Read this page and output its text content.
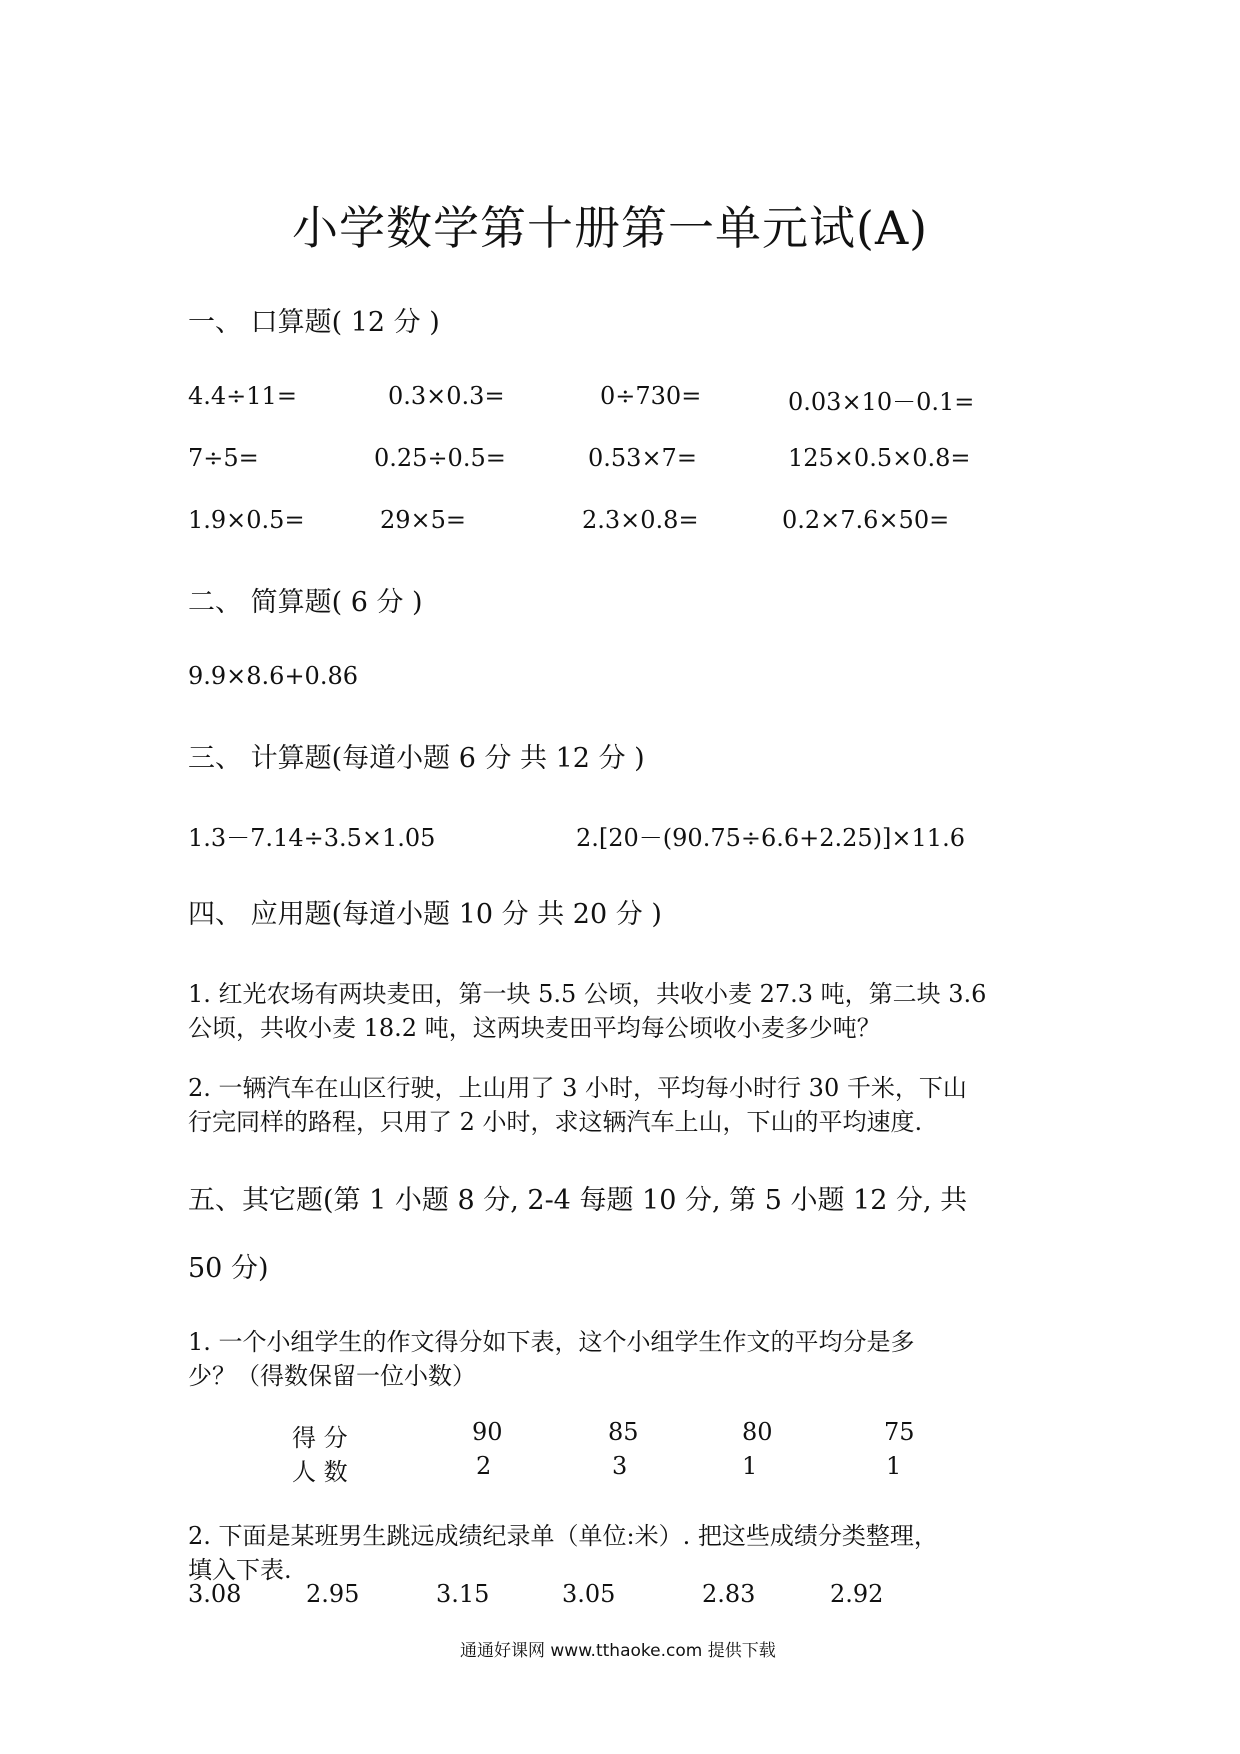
小学数学第十册第一单元试(A)
一、 口算题( 12 分 )
4.4÷11=	0.3×0.3=	0÷730=	0.03×10－0.1=
7÷5=	0.25÷0.5=	0.53×7=	125×0.5×0.8=
1.9×0.5=	29×5=	2.3×0.8=	0.2×7.6×50=
二、 简算题( 6 分 )
9.9×8.6+0.86
三、 计算题(每道小题 6 分 共 12 分 )
1.3－7.14÷3.5×1.05	2.[20－(90.75÷6.6+2.25)]×11.6
四、 应用题(每道小题 10 分 共 20 分 )
1. 红光农场有两块麦田，第一块 5.5 公顷，共收小麦 27.3 吨，第二块 3.6
公顷，共收小麦 18.2 吨，这两块麦田平均每公顷收小麦多少吨？
2. 一辆汽车在山区行驶，上山用了 3 小时，平均每小时行 30 千米，下山
行完同样的路程，只用了 2 小时，求这辆汽车上山，下山的平均速度.
五、其它题(第 1 小题 8 分, 2-4 每题 10 分, 第 5 小题 12 分, 共
50 分)
1. 一个小组学生的作文得分如下表，这个小组学生作文的平均分是多
少？（得数保留一位小数）
得 分	90	85	80	75
人 数	2	3	1	1
2. 下面是某班男生跳远成绩纪录单（单位:米）. 把这些成绩分类整理，
填入下表.
3.08	2.95	3.15	3.05	2.83	2.92
通通好课网 www.tthaoke.com 提供下载
